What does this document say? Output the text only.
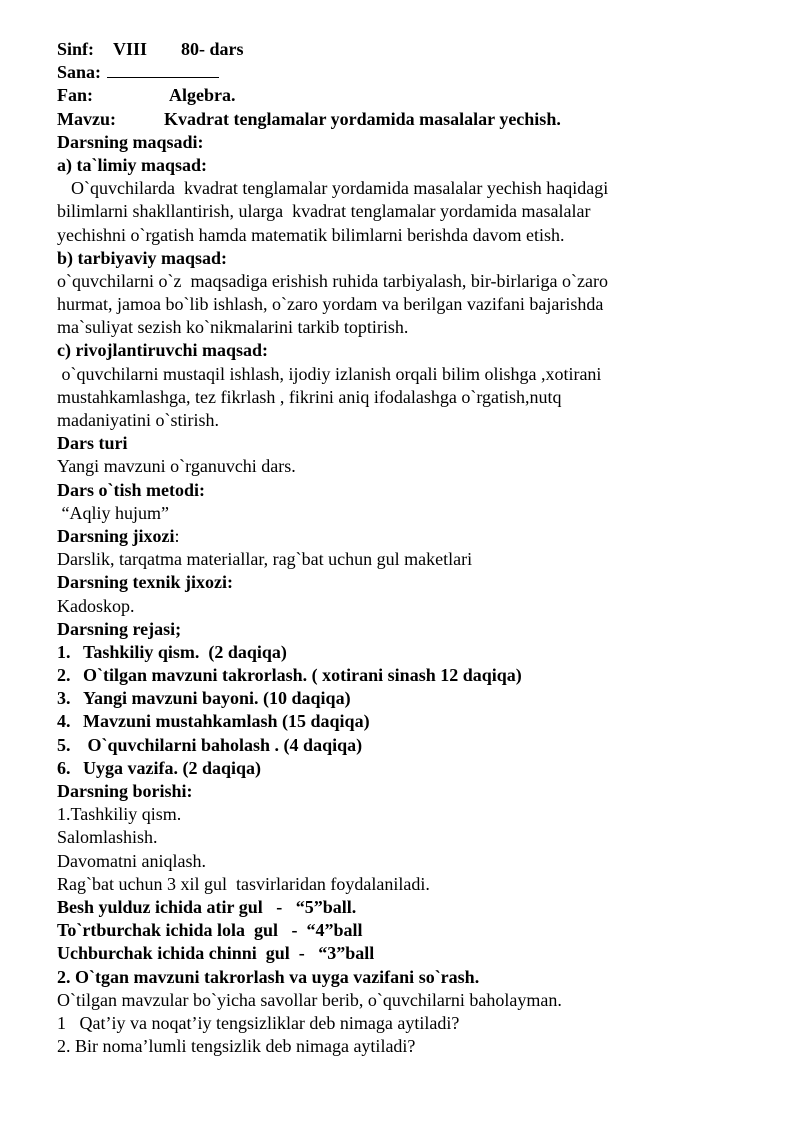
Sinf: VIII 80- dars
Sana:
Fan:	Algebra.
Mavzu:	Kvadrat tenglamalar yordamida masalalar yechish.
Darsning maqsadi:
a) ta`limiy maqsad:
O`quvchilarda  kvadrat tenglamalar yordamida masalalar yechish haqidagi
bilimlarni shakllantirish, ularga  kvadrat tenglamalar yordamida masalalar
yechishni o`rgatish hamda matematik bilimlarni berishda davom etish.
b) tarbiyaviy maqsad:
o`quvchilarni o`z  maqsadiga erishish ruhida tarbiyalash, bir-birlariga o`zaro
hurmat, jamoa bo`lib ishlash, o`zaro yordam va berilgan vazifani bajarishda
ma`suliyat sezish ko`nikmalarini tarkib toptirish.
c) rivojlantiruvchi maqsad:
o`quvchilarni mustaqil ishlash, ijodiy izlanish orqali bilim olishga ,xotirani
mustahkamlashga, tez fikrlash , fikrini aniq ifodalashga o`rgatish,nutq
madaniyatini o`stirish.
Dars turi
Yangi mavzuni o`rganuvchi dars.
Dars o`tish metodi:
“Aqliy hujum”
Darsning jixozi:
Darslik, tarqatma materiallar, rag`bat uchun gul maketlari
Darsning texnik jixozi:
Kadoskop.
Darsning rejasi;
1. Tashkiliy qism.  (2 daqiqa)
2. O`tilgan mavzuni takrorlash. ( xotirani sinash 12 daqiqa)
3. Yangi mavzuni bayoni. (10 daqiqa)
4. Mavzuni mustahkamlash (15 daqiqa)
5. O`quvchilarni baholash . (4 daqiqa)
6. Uyga vazifa. (2 daqiqa)
Darsning borishi:
1.Tashkiliy qism.
Salomlashish.
Davomatni aniqlash.
Rag`bat uchun 3 xil gul  tasvirlaridan foydalaniladi.
Besh yulduz ichida atir gul   -   “5”ball.
To`rtburchak ichida lola  gul   -  “4”ball
Uchburchak ichida chinni  gul  -   “3”ball
2. O`tgan mavzuni takrorlash va uyga vazifani so`rash.
O`tilgan mavzular bo`yicha savollar berib, o`quvchilarni baholayman.
1   Qat’iy va noqat’iy tengsizliklar deb nimaga aytiladi?
2. Bir noma’lumli tengsizlik deb nimaga aytiladi?
